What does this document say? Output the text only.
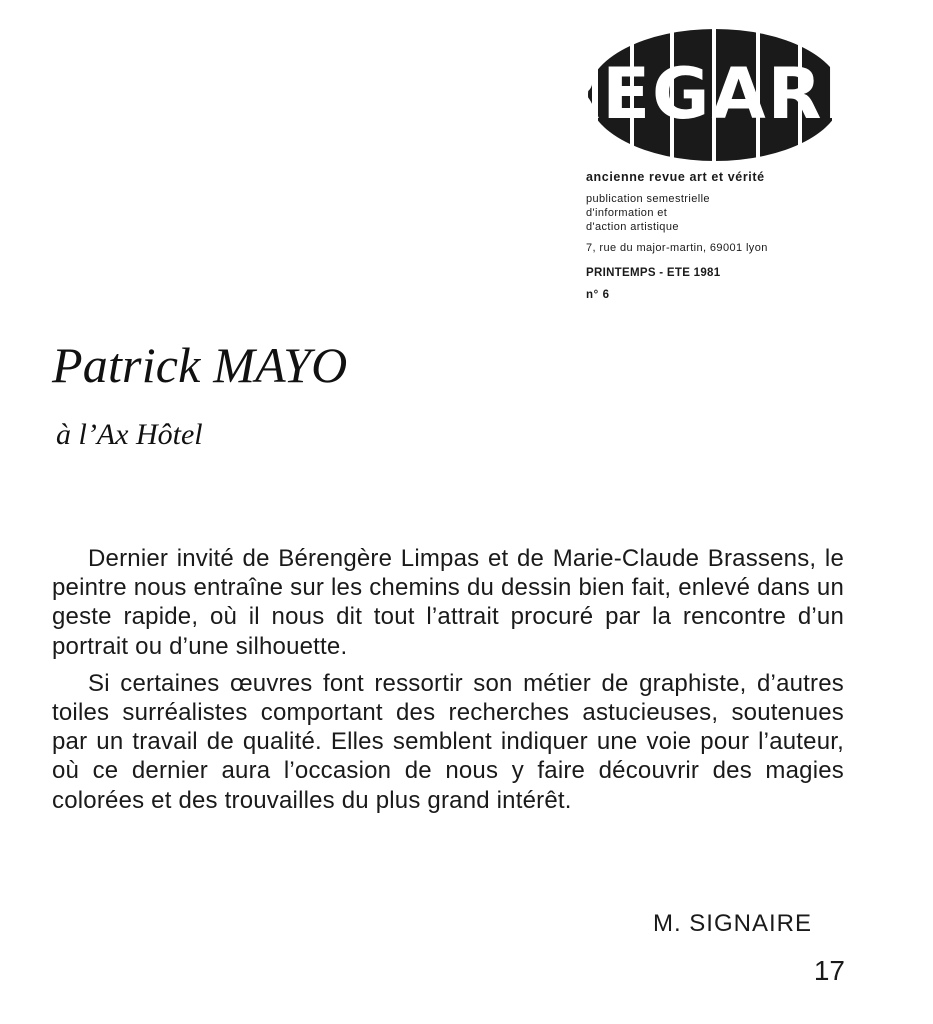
REGARD
ancienne revue art et vérité
publication semestrielle
d'information et
d'action artistique
7, rue du major-martin, 69001 lyon
PRINTEMPS - ETE 1981
n° 6
Patrick MAYO
à l’Ax Hôtel

Dernier invité de Bérengère Limpas et de Marie-Claude Brassens, le peintre nous entraîne sur les chemins du dessin bien fait, enlevé dans un geste rapide, où il nous dit tout l’attrait procuré par la rencontre d’un portrait ou d’une silhouette.

Si certaines œuvres font ressortir son métier de graphiste, d’autres toiles surréalistes comportant des recherches astucieuses, soutenues par un travail de qualité. Elles semblent indiquer une voie pour l’auteur, où ce dernier aura l’occasion de nous y faire découvrir des magies colorées et des trouvailles du plus grand intérêt.

M. SIGNAIRE
17
